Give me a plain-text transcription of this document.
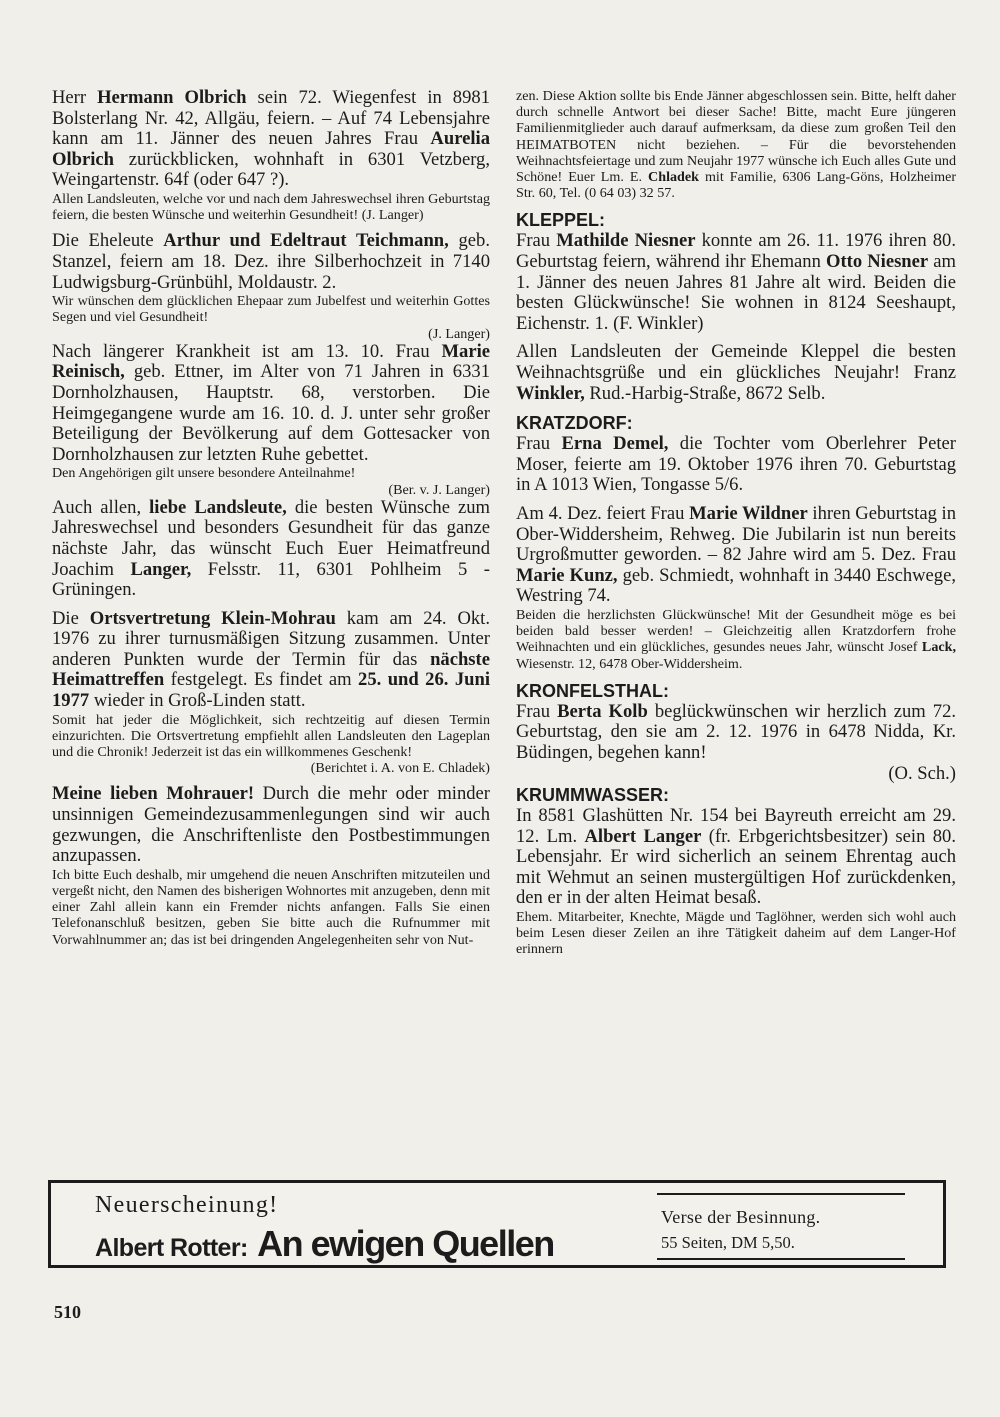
Herr Hermann Olbrich sein 72. Wiegenfest in 8981 Bolsterlang Nr. 42, Allgäu, feiern. – Auf 74 Lebensjahre kann am 11. Jänner des neuen Jahres Frau Aurelia Olbrich zurückblicken, wohnhaft in 6301 Vetzberg, Weingartenstr. 64f (oder 647 ?).

Allen Landsleuten, welche vor und nach dem Jahreswechsel ihren Geburtstag feiern, die besten Wünsche und weiterhin Gesundheit! (J. Langer)

Die Eheleute Arthur und Edeltraut Teichmann, geb. Stanzel, feiern am 18. Dez. ihre Silberhochzeit in 7140 Ludwigsburg-Grünbühl, Moldaustr. 2.

Wir wünschen dem glücklichen Ehepaar zum Jubelfest und weiterhin Gottes Segen und viel Gesundheit!

(J. Langer)

Nach längerer Krankheit ist am 13. 10. Frau Marie Reinisch, geb. Ettner, im Alter von 71 Jahren in 6331 Dornholzhausen, Hauptstr. 68, verstorben. Die Heimgegangene wurde am 16. 10. d. J. unter sehr großer Beteiligung der Bevölkerung auf dem Gottesacker von Dornholzhausen zur letzten Ruhe gebettet.

Den Angehörigen gilt unsere besondere Anteilnahme!

(Ber. v. J. Langer)

Auch allen, liebe Landsleute, die besten Wünsche zum Jahreswechsel und besonders Gesundheit für das ganze nächste Jahr, das wünscht Euch Euer Heimatfreund Joachim Langer, Felsstr. 11, 6301 Pohlheim 5 - Grüningen.

Die Ortsvertretung Klein-Mohrau kam am 24. Okt. 1976 zu ihrer turnusmäßigen Sitzung zusammen. Unter anderen Punkten wurde der Termin für das nächste Heimattreffen festgelegt. Es findet am 25. und 26. Juni 1977 wieder in Groß-Linden statt.

Somit hat jeder die Möglichkeit, sich rechtzeitig auf diesen Termin einzurichten. Die Ortsvertretung empfiehlt allen Landsleuten den Lageplan und die Chronik! Jederzeit ist das ein willkommenes Geschenk!

(Berichtet i. A. von E. Chladek)

Meine lieben Mohrauer! Durch die mehr oder minder unsinnigen Gemeindezusammenlegungen sind wir auch gezwungen, die Anschriftenliste den Postbestimmungen anzupassen.

Ich bitte Euch deshalb, mir umgehend die neuen Anschriften mitzuteilen und vergeßt nicht, den Namen des bisherigen Wohnortes mit anzugeben, denn mit einer Zahl allein kann ein Fremder nichts anfangen. Falls Sie einen Telefonanschluß besitzen, geben Sie bitte auch die Rufnummer mit Vorwahlnummer an; das ist bei dringenden Angelegenheiten sehr von Nut-

zen. Diese Aktion sollte bis Ende Jänner abgeschlossen sein. Bitte, helft daher durch schnelle Antwort bei dieser Sache! Bitte, macht Eure jüngeren Familienmitglieder auch darauf aufmerksam, da diese zum großen Teil den HEIMATBOTEN nicht beziehen. – Für die bevorstehenden Weihnachtsfeiertage und zum Neujahr 1977 wünsche ich Euch alles Gute und Schöne! Euer Lm. E. Chladek mit Familie, 6306 Lang-Göns, Holzheimer Str. 60, Tel. (0 64 03) 32 57.

KLEPPEL:

Frau Mathilde Niesner konnte am 26. 11. 1976 ihren 80. Geburtstag feiern, während ihr Ehemann Otto Niesner am 1. Jänner des neuen Jahres 81 Jahre alt wird. Beiden die besten Glückwünsche! Sie wohnen in 8124 Seeshaupt, Eichenstr. 1. (F. Winkler)

Allen Landsleuten der Gemeinde Kleppel die besten Weihnachtsgrüße und ein glückliches Neujahr! Franz Winkler, Rud.-Harbig-Straße, 8672 Selb.

KRATZDORF:

Frau Erna Demel, die Tochter vom Oberlehrer Peter Moser, feierte am 19. Oktober 1976 ihren 70. Geburtstag in A 1013 Wien, Tongasse 5/6.

Am 4. Dez. feiert Frau Marie Wildner ihren Geburtstag in Ober-Widdersheim, Rehweg. Die Jubilarin ist nun bereits Urgroßmutter geworden. – 82 Jahre wird am 5. Dez. Frau Marie Kunz, geb. Schmiedt, wohnhaft in 3440 Eschwege, Westring 74.

Beiden die herzlichsten Glückwünsche! Mit der Gesundheit möge es bei beiden bald besser werden! – Gleichzeitig allen Kratzdorfern frohe Weihnachten und ein glückliches, gesundes neues Jahr, wünscht Josef Lack, Wiesenstr. 12, 6478 Ober-Widdersheim.

KRONFELSTHAL:

Frau Berta Kolb beglückwünschen wir herzlich zum 72. Geburtstag, den sie am 2. 12. 1976 in 6478 Nidda, Kr. Büdingen, begehen kann!

(O. Sch.)
KRUMMWASSER:

In 8581 Glashütten Nr. 154 bei Bayreuth erreicht am 29. 12. Lm. Albert Langer (fr. Erbgerichtsbesitzer) sein 80. Lebensjahr. Er wird sicherlich an seinem Ehrentag auch mit Wehmut an seinen mustergültigen Hof zurückdenken, den er in der alten Heimat besaß.

Ehem. Mitarbeiter, Knechte, Mägde und Taglöhner, werden sich wohl auch beim Lesen dieser Zeilen an ihre Tätigkeit daheim auf dem Langer-Hof erinnern

Neuerscheinung!
Albert Rotter: An ewigen Quellen
Verse der Besinnung.
55 Seiten, DM 5,50.
510
